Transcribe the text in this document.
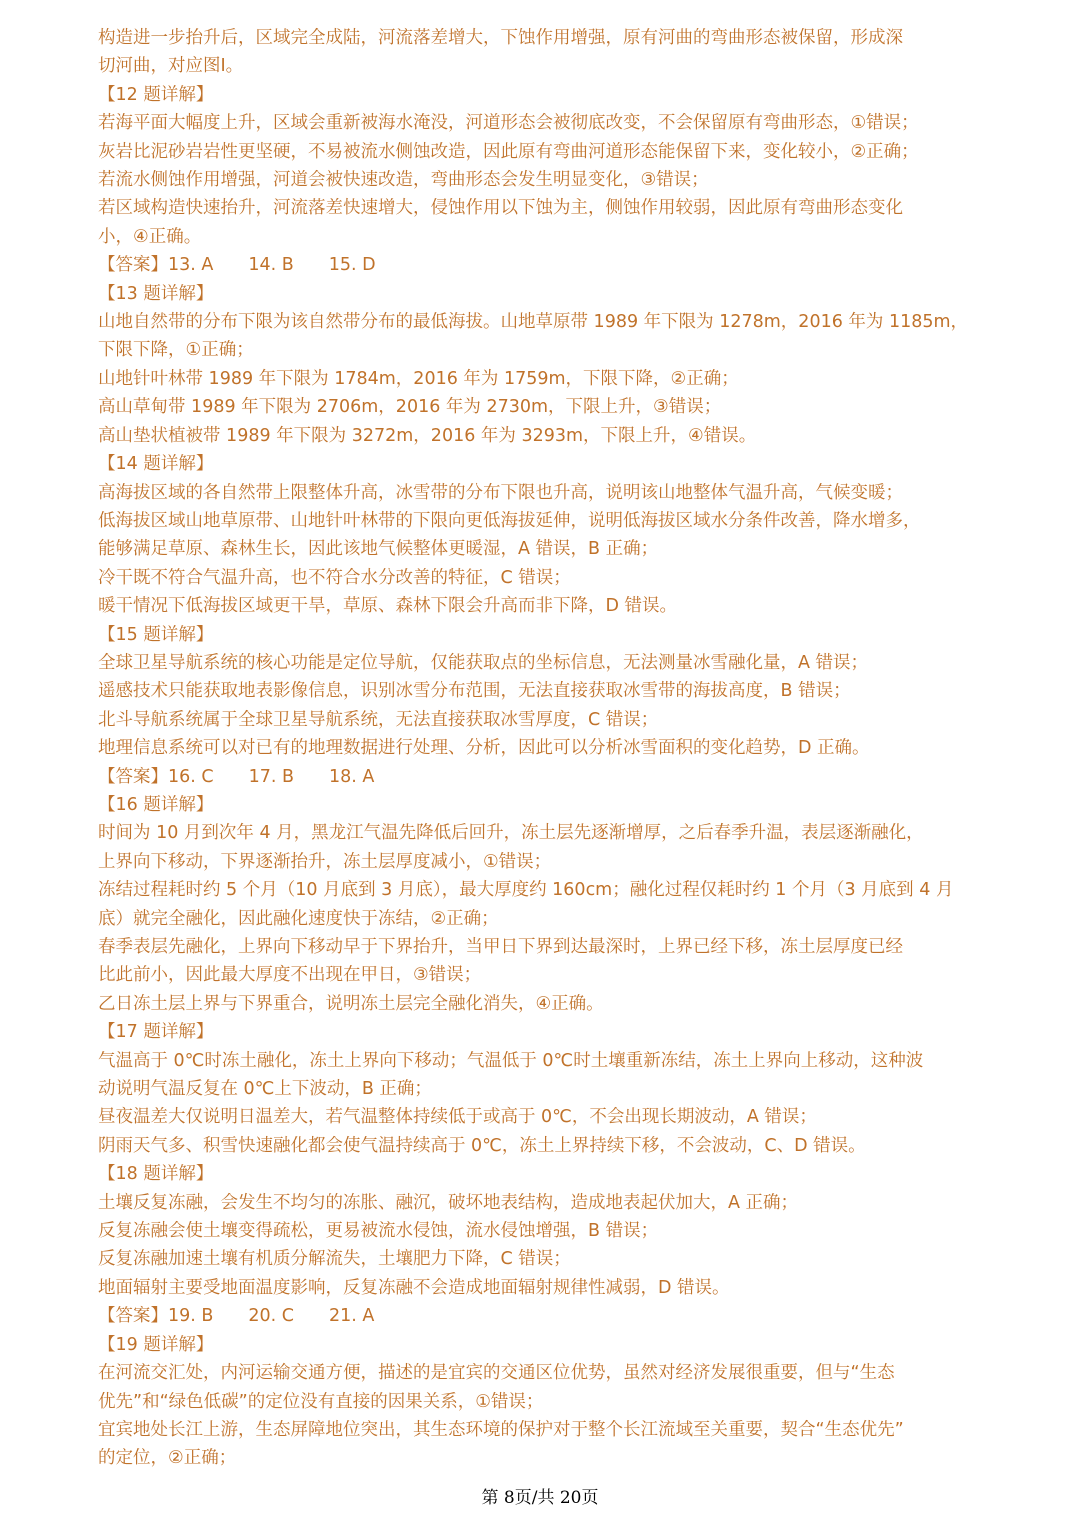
构造进一步抬升后，区域完全成陆，河流落差增大，下蚀作用增强，原有河曲的弯曲形态被保留，形成深
切河曲，对应图Ⅰ。
【12 题详解】
若海平面大幅度上升，区域会重新被海水淹没，河道形态会被彻底改变，不会保留原有弯曲形态，①错误；
灰岩比泥砂岩岩性更坚硬，不易被流水侧蚀改造，因此原有弯曲河道形态能保留下来，变化较小，②正确；
若流水侧蚀作用增强，河道会被快速改造，弯曲形态会发生明显变化，③错误；
若区域构造快速抬升，河流落差快速增大，侵蚀作用以下蚀为主，侧蚀作用较弱，因此原有弯曲形态变化
小，④正确。
【答案】13. A　　14. B　　15. D
【13 题详解】
山地自然带的分布下限为该自然带分布的最低海拔。山地草原带 1989 年下限为 1278m，2016 年为 1185m，
下限下降，①正确；
山地针叶林带 1989 年下限为 1784m，2016 年为 1759m，下限下降，②正确；
高山草甸带 1989 年下限为 2706m，2016 年为 2730m，下限上升，③错误；
高山垫状植被带 1989 年下限为 3272m，2016 年为 3293m，下限上升，④错误。
【14 题详解】
高海拔区域的各自然带上限整体升高，冰雪带的分布下限也升高，说明该山地整体气温升高，气候变暖；
低海拔区域山地草原带、山地针叶林带的下限向更低海拔延伸，说明低海拔区域水分条件改善，降水增多，
能够满足草原、森林生长，因此该地气候整体更暖湿，A 错误，B 正确；
冷干既不符合气温升高，也不符合水分改善的特征，C 错误；
暖干情况下低海拔区域更干旱，草原、森林下限会升高而非下降，D 错误。
【15 题详解】
全球卫星导航系统的核心功能是定位导航，仅能获取点的坐标信息，无法测量冰雪融化量，A 错误；
遥感技术只能获取地表影像信息，识别冰雪分布范围，无法直接获取冰雪带的海拔高度，B 错误；
北斗导航系统属于全球卫星导航系统，无法直接获取冰雪厚度，C 错误；
地理信息系统可以对已有的地理数据进行处理、分析，因此可以分析冰雪面积的变化趋势，D 正确。
【答案】16. C　　17. B　　18. A
【16 题详解】
时间为 10 月到次年 4 月，黑龙江气温先降低后回升，冻土层先逐渐增厚，之后春季升温，表层逐渐融化，
上界向下移动，下界逐渐抬升，冻土层厚度减小，①错误；
冻结过程耗时约 5 个月（10 月底到 3 月底），最大厚度约 160cm；融化过程仅耗时约 1 个月（3 月底到 4 月
底）就完全融化，因此融化速度快于冻结，②正确；
春季表层先融化，上界向下移动早于下界抬升，当甲日下界到达最深时，上界已经下移，冻土层厚度已经
比此前小，因此最大厚度不出现在甲日，③错误；
乙日冻土层上界与下界重合，说明冻土层完全融化消失，④正确。
【17 题详解】
气温高于 0℃时冻土融化，冻土上界向下移动；气温低于 0℃时土壤重新冻结，冻土上界向上移动，这种波
动说明气温反复在 0℃上下波动，B 正确；
昼夜温差大仅说明日温差大，若气温整体持续低于或高于 0℃，不会出现长期波动，A 错误；
阴雨天气多、积雪快速融化都会使气温持续高于 0℃，冻土上界持续下移，不会波动，C、D 错误。
【18 题详解】
土壤反复冻融，会发生不均匀的冻胀、融沉，破坏地表结构，造成地表起伏加大，A 正确；
反复冻融会使土壤变得疏松，更易被流水侵蚀，流水侵蚀增强，B 错误；
反复冻融加速土壤有机质分解流失，土壤肥力下降，C 错误；
地面辐射主要受地面温度影响，反复冻融不会造成地面辐射规律性减弱，D 错误。
【答案】19. B　　20. C　　21. A
【19 题详解】
在河流交汇处，内河运输交通方便，描述的是宜宾的交通区位优势，虽然对经济发展很重要，但与“生态
优先”和“绿色低碳”的定位没有直接的因果关系，①错误；
宜宾地处长江上游，生态屏障地位突出，其生态环境的保护对于整个长江流域至关重要，契合“生态优先”
的定位，②正确；
第 8页/共 20页
